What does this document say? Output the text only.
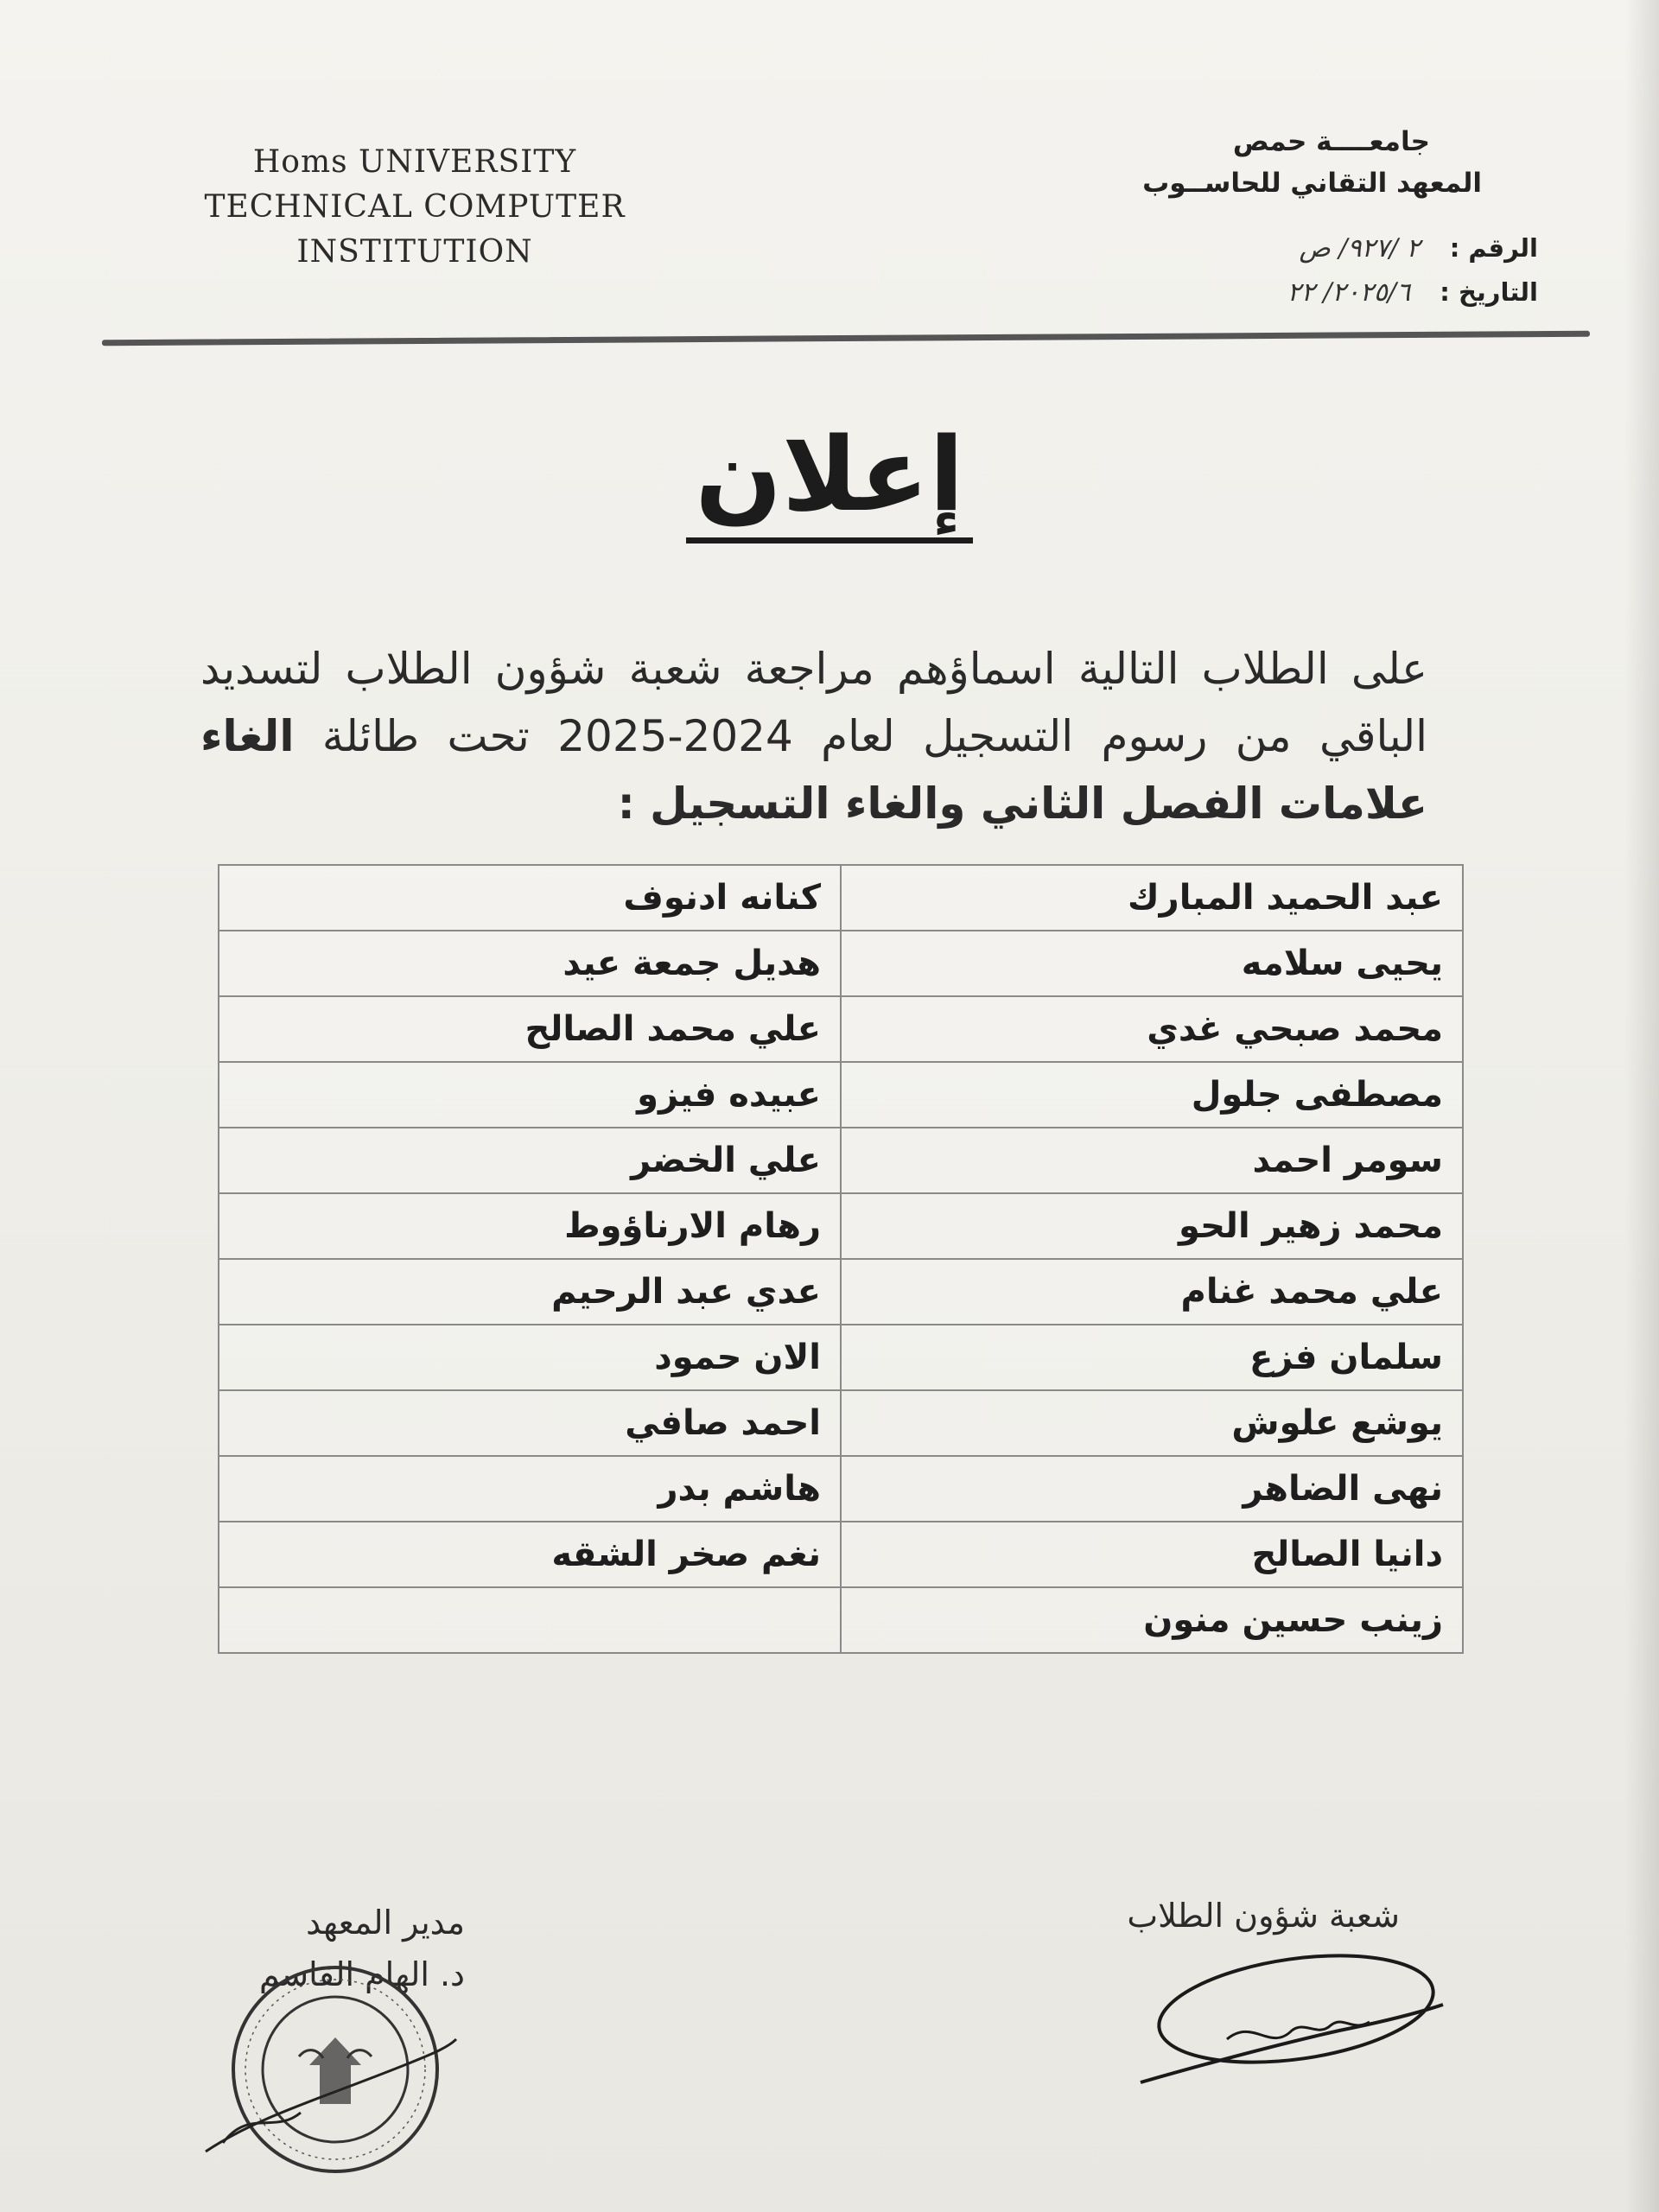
Homs UNIVERSITY
TECHNICAL COMPUTER
INSTITUTION
جامعــــة حمص
المعهد التقاني للحاســوب
الرقم : ٢ /٩٢٧/ ص
التاريخ : ٢٠٢٥/٦/ ٢٢
إعلان
على الطلاب التالية اسماؤهم مراجعة شعبة شؤون الطلاب لتسديد الباقي من رسوم التسجيل لعام 2024-2025 تحت طائلة الغاء علامات الفصل الثاني والغاء التسجيل :
عبد الحميد المبارك	كنانه ادنوف
يحيى سلامه	هديل جمعة عيد
محمد صبحي غدي	علي محمد الصالح
مصطفى جلول	عبيده فيزو
سومر احمد	علي الخضر
محمد زهير الحو	رهام الارناؤوط
علي محمد غنام	عدي عبد الرحيم
سلمان فزع	الان حمود
يوشع علوش	احمد صافي
نهى الضاهر	هاشم بدر
دانيا الصالح	نغم صخر الشقه
زينب حسين منون	
شعبة شؤون الطلاب
مدير المعهد
د. الهام القاسم
